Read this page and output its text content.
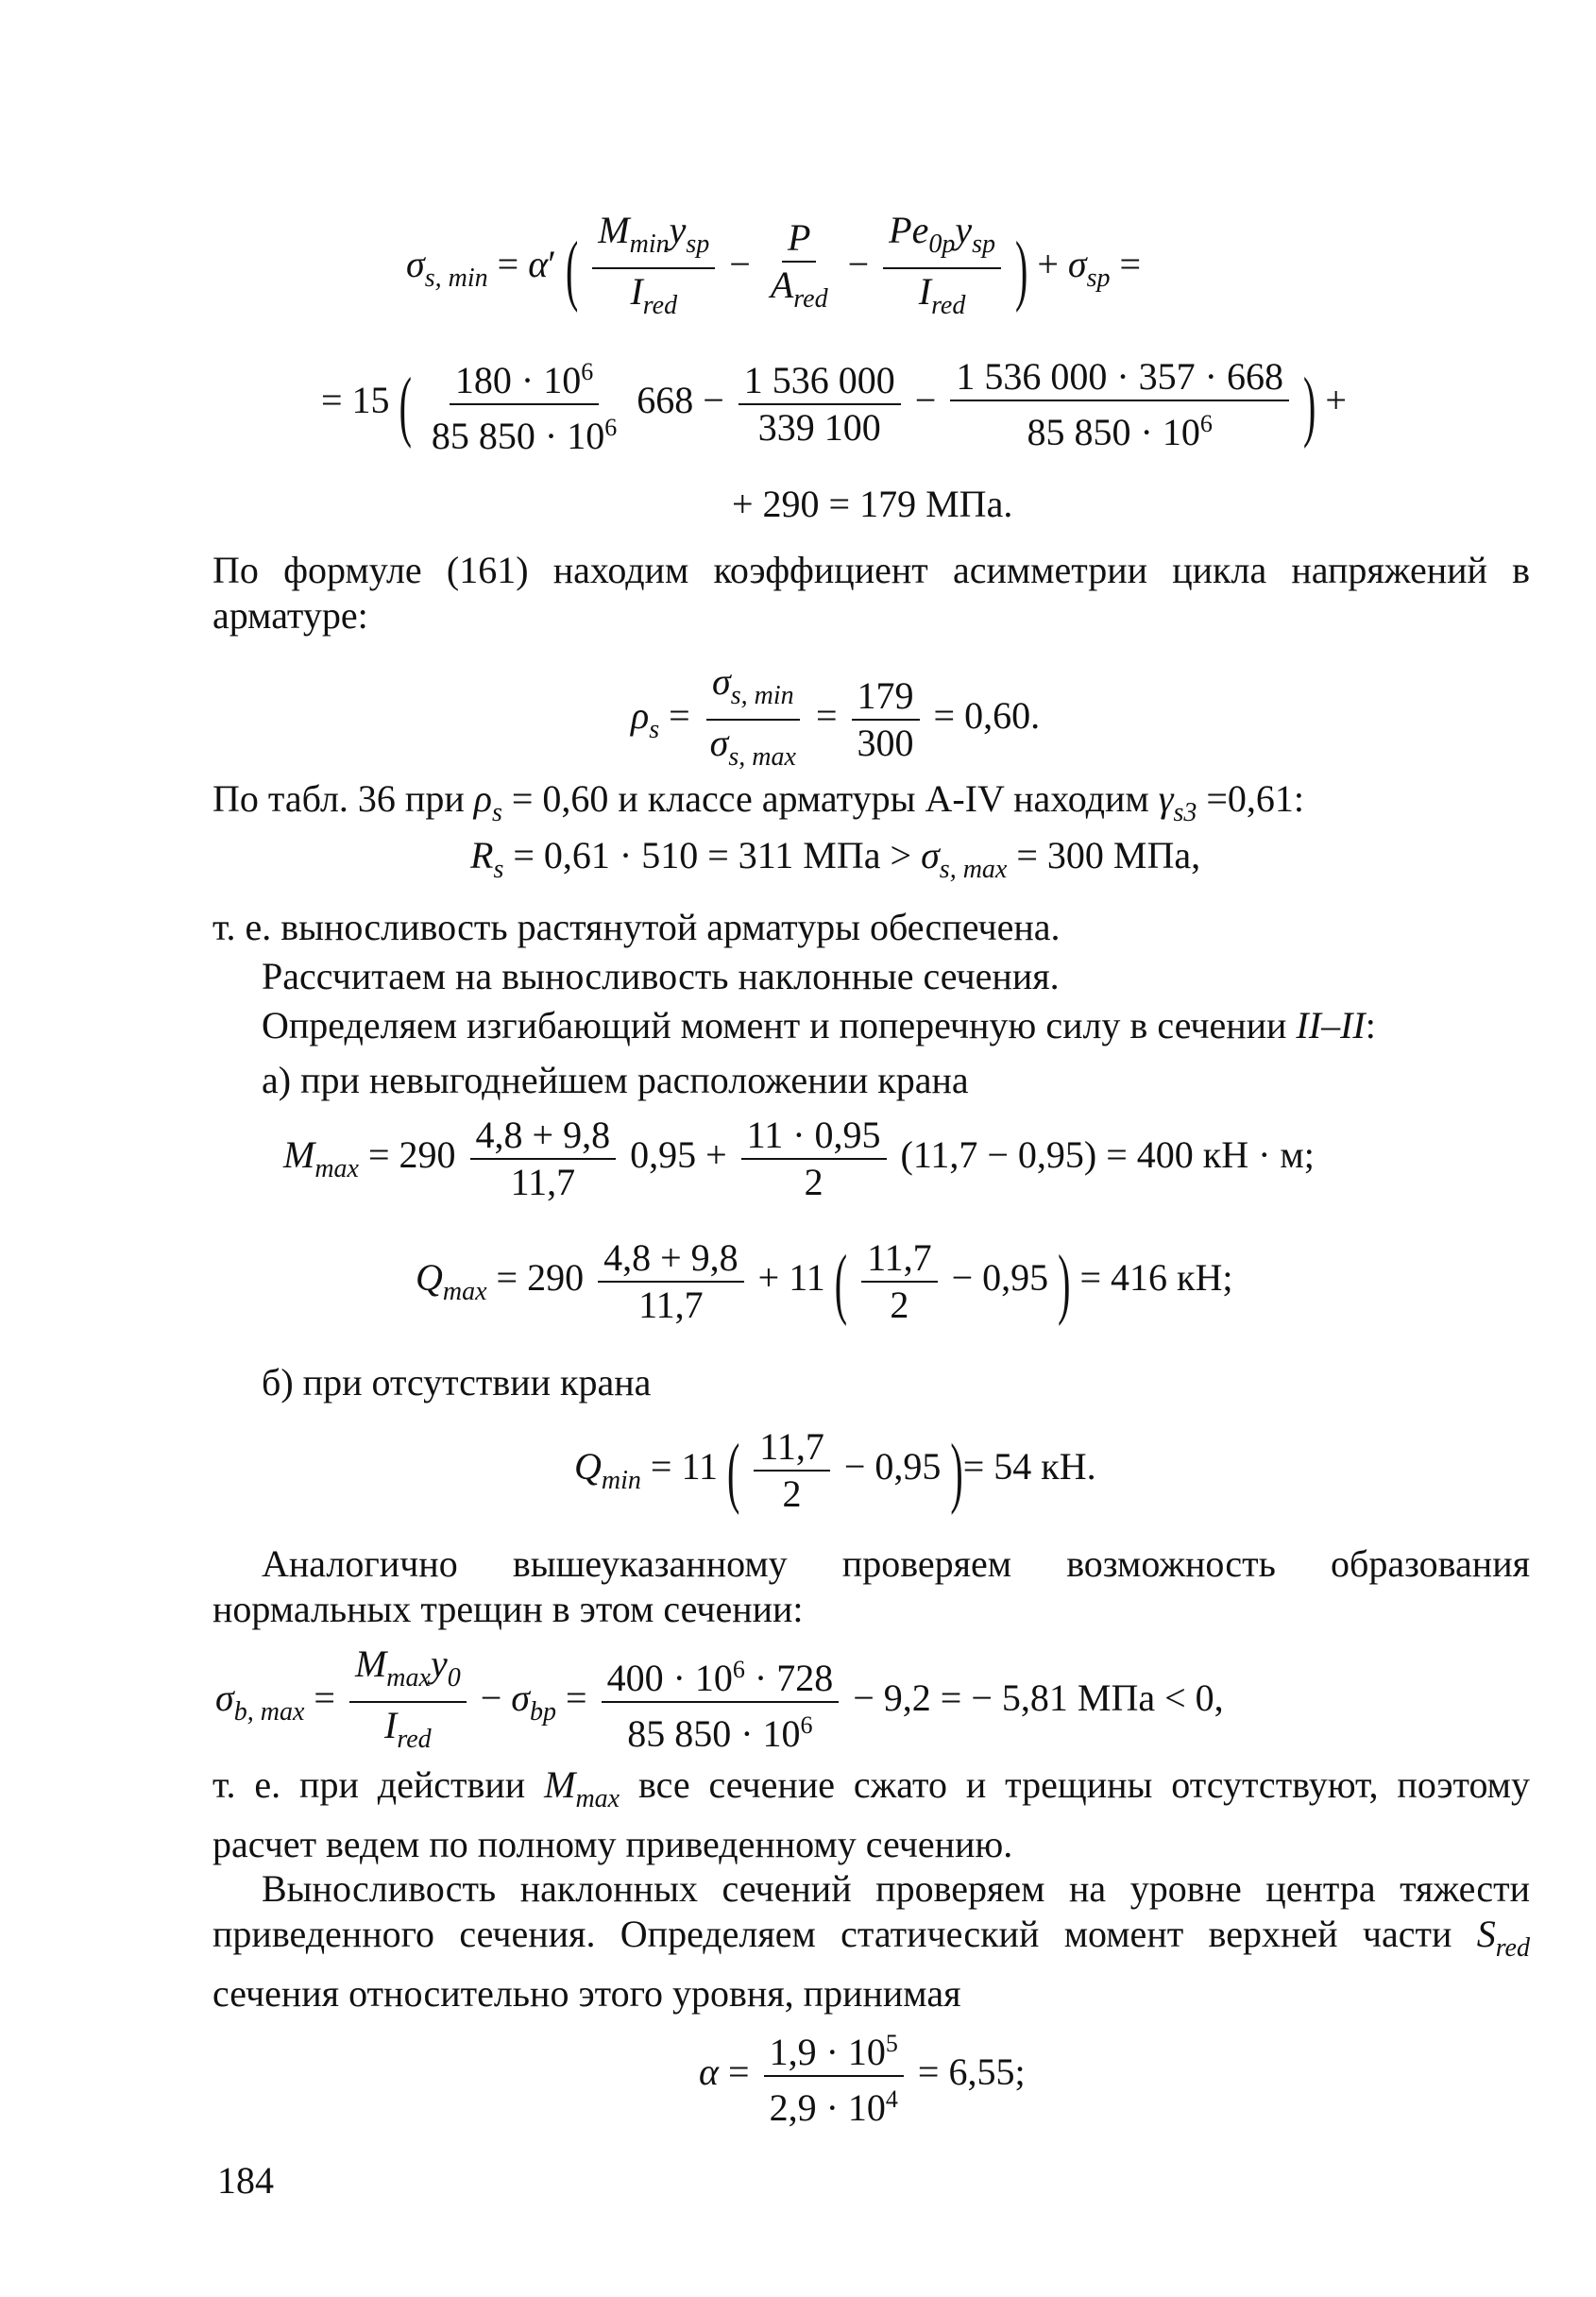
$\sigma_{s, min} = \alpha'$ ( $\frac{M_{min}y_{sp}}{I_{red}} - \frac{P}{A_{red}} - \frac{Pe_{0p}y_{sp}}{I_{red}}$ ) + $\sigma_{sp}$ =
= 15 ( $\frac{180 \cdot 10^6}{85 850 \cdot 10^6} 668 - \frac{1 536 000}{339 100} - \frac{1 536 000 \cdot 357 \cdot 668}{85 850 \cdot 10^6}$ ) +
+ 290 = 179 МПа.

По формуле (161) находим коэффициент асимметрии цикла напряжений в арматуре:

$\rho_s = \frac{\sigma_{s, min}}{\sigma_{s, max}} = \frac{179}{300} = 0,60$.

По табл. 36 при $\rho_s = 0,60$ и классе арматуры A-IV находим $\gamma_{s3} =0,61$:

$R_s = 0,61 \cdot 510 = 311$ МПа > $\sigma_{s, max} = 300$ МПа,

т. е. выносливость растянутой арматуры обеспечена.

Рассчитаем на выносливость наклонные сечения.

Определяем изгибающий момент и поперечную силу в сечении II–II:

а) при невыгоднейшем расположении крана

$M_{max} = 290 \frac{4,8 + 9,8}{11,7} 0,95 + \frac{11 \cdot 0,95}{2} (11,7 - 0,95) = 400$ кН · м;
$Q_{max} = 290 \frac{4,8 + 9,8}{11,7} + 11$ ( $\frac{11,7}{2} - 0,95$ ) = 416 кН;

б) при отсутствии крана

$Q_{min} = 11$ ( $\frac{11,7}{2} - 0,95$ )= 54 кН.

Аналогично вышеуказанному проверяем возможность образования нормальных трещин в этом сечении:

$\sigma_{b, max} = \frac{M_{max}y_0}{I_{red}} - \sigma_{bp} = \frac{400 \cdot 10^6 \cdot 728}{85 850 \cdot 10^6} - 9,2$ = − 5,81 МПа < 0,

т. е. при действии $M_{max}$ все сечение сжато и трещины отсутствуют, поэтому расчет ведем по полному приведенному сечению.

Выносливость наклонных сечений проверяем на уровне центра тяжести приведенного сечения. Определяем статический момент верхней части $S_{red}$ сечения относительно этого уровня, принимая

$\alpha = \frac{1,9 \cdot 10^5}{2,9 \cdot 10^4} = 6,55$;
184
